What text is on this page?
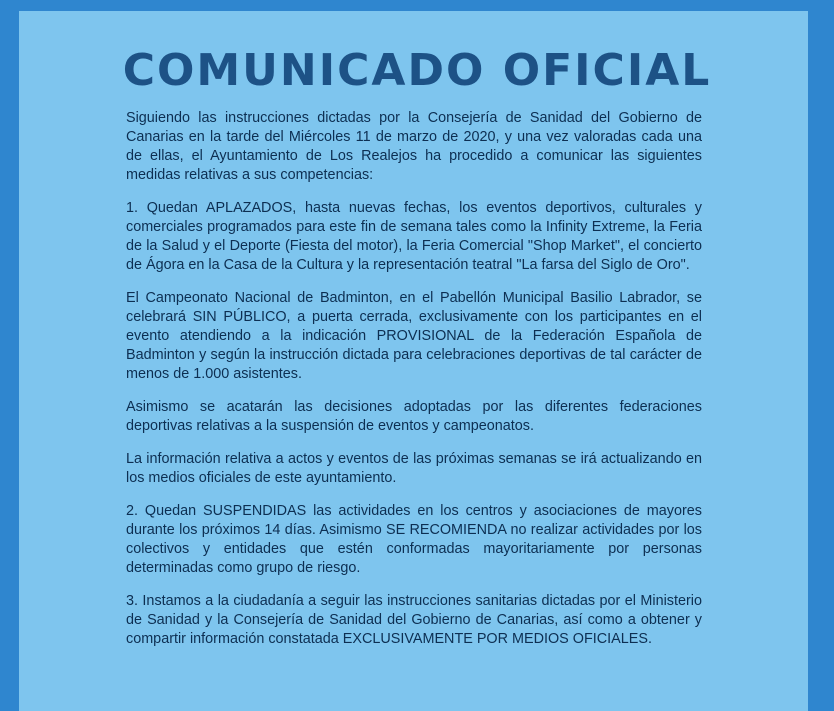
COMUNICADO OFICIAL

Siguiendo las instrucciones dictadas por la Consejería de Sanidad del Gobierno de Canarias en la tarde del Miércoles 11 de marzo de 2020, y una vez valoradas cada una de ellas, el Ayuntamiento de Los Realejos ha procedido a comunicar las siguientes medidas relativas a sus competencias:

1. Quedan APLAZADOS, hasta nuevas fechas, los eventos deportivos, culturales y comerciales programados para este fin de semana tales como la Infinity Extreme, la Feria de la Salud y el Deporte (Fiesta del motor), la Feria Comercial "Shop Market", el concierto de Ágora en la Casa de la Cultura y la representación teatral "La farsa del Siglo de Oro".

El Campeonato Nacional de Badminton, en el Pabellón Municipal Basilio Labrador, se celebrará SIN PÚBLICO, a puerta cerrada, exclusivamente con los participantes en el evento atendiendo a la indicación PROVISIONAL de la Federación Española de Badminton y según la instrucción dictada para celebraciones deportivas de tal carácter de menos de 1.000 asistentes.

Asimismo se acatarán las decisiones adoptadas por las diferentes federaciones deportivas relativas a la suspensión de eventos y campeonatos.

La información relativa a actos y eventos de las próximas semanas se irá actualizando en los medios oficiales de este ayuntamiento.

2. Quedan SUSPENDIDAS las actividades en los centros y asociaciones de mayores durante los próximos 14 días. Asimismo SE RECOMIENDA no realizar actividades por los colectivos y entidades que estén conformadas mayoritariamente por personas determinadas como grupo de riesgo.

3. Instamos a la ciudadanía a seguir las instrucciones sanitarias dictadas por el Ministerio de Sanidad y la Consejería de Sanidad del Gobierno de Canarias, así como a obtener y compartir información constatada EXCLUSIVAMENTE POR MEDIOS OFICIALES.
